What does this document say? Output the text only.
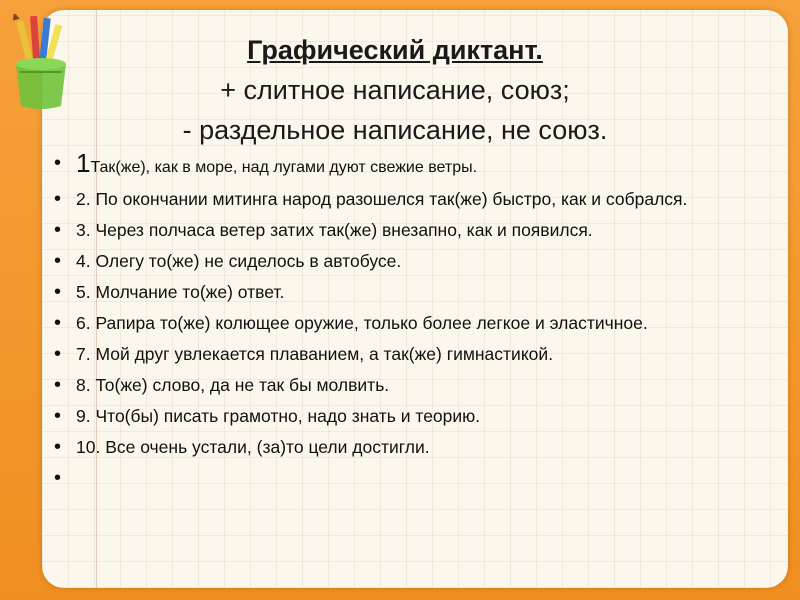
Графический диктант.
+ слитное написание, союз;
- раздельное написание, не союз.
• 1Так(же), как в море, над лугами дуют свежие ветры.
• 2. По окончании митинга народ разошелся так(же) быстро, как и собрался.
• 3. Через полчаса ветер затих так(же) внезапно, как и появился.
• 4. Олегу то(же) не сиделось в автобусе.
• 5. Молчание то(же) ответ.
• 6. Рапира то(же) колющее оружие, только более легкое и эластичное.
• 7. Мой друг увлекается плаванием, а так(же) гимнастикой.
• 8. То(же) слово, да не так бы молвить.
• 9. Что(бы) писать грамотно, надо знать и теорию.
• 10. Все очень устали, (за)то цели достигли.
